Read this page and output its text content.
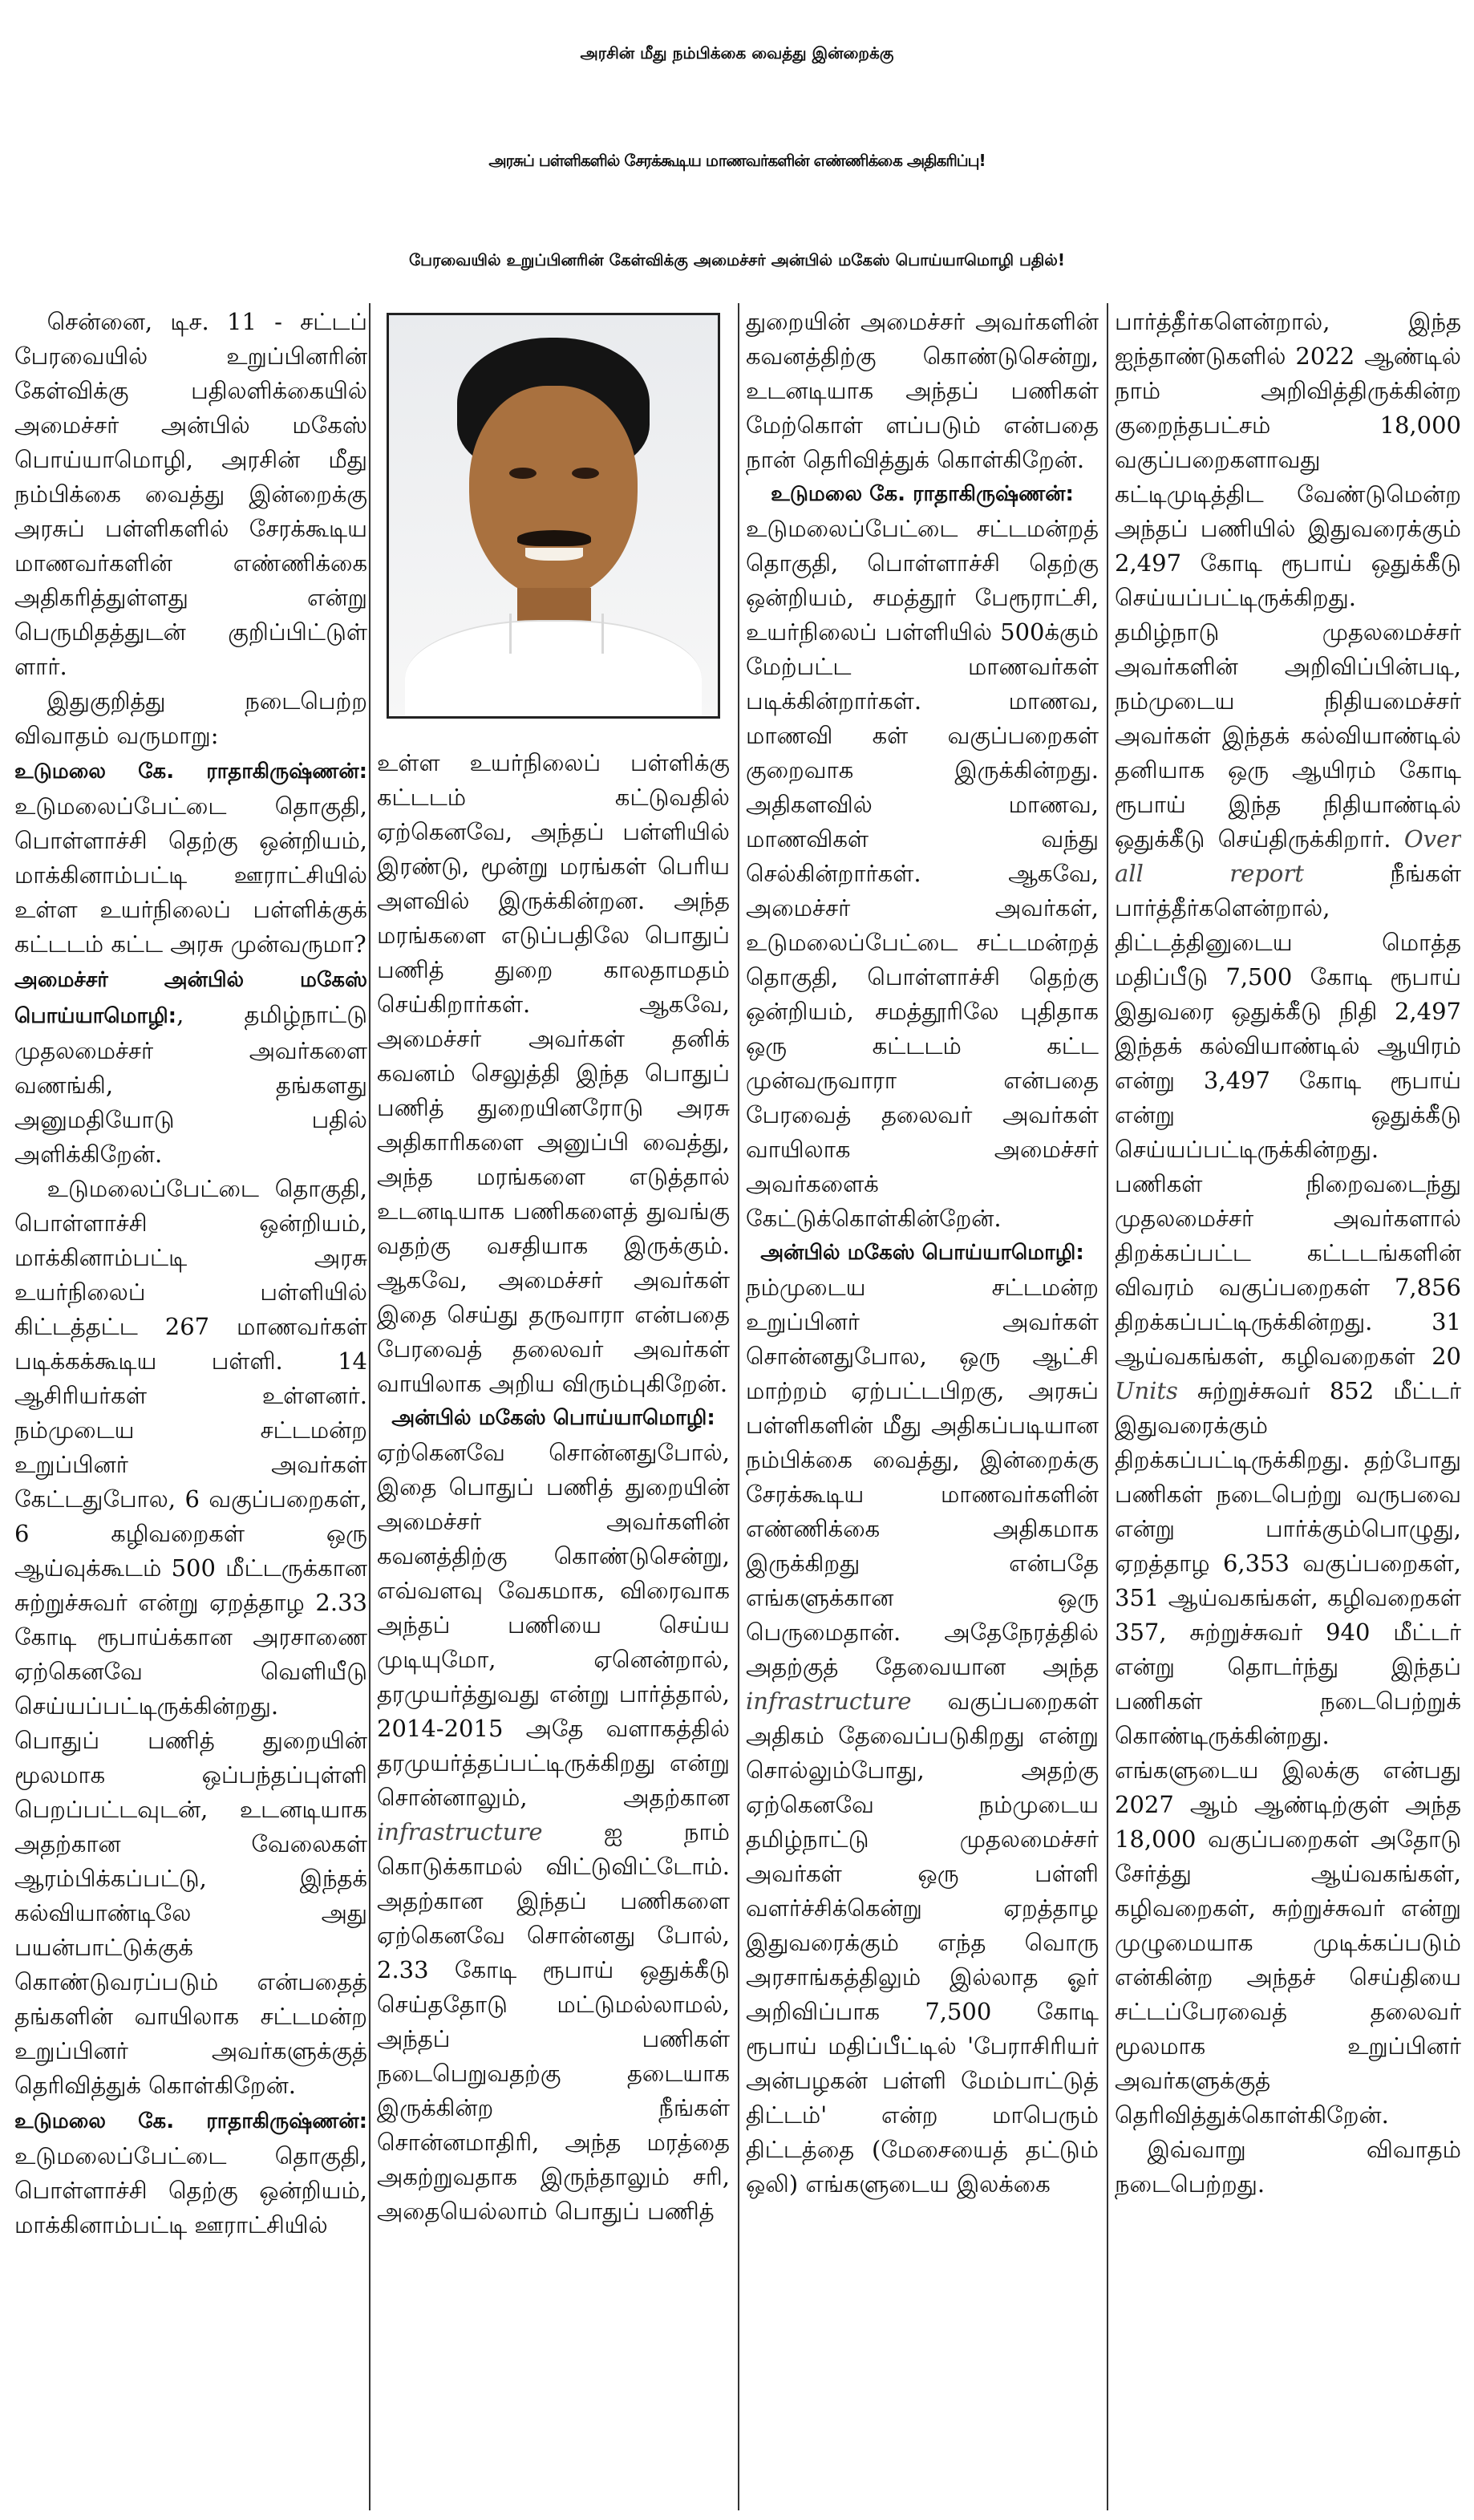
அரசின் மீது நம்பிக்கை வைத்து இன்றைக்கு
அரசுப் பள்ளிகளில் சேரக்கூடிய மாணவர்களின் எண்ணிக்கை அதிகரிப்பு!
பேரவையில் உறுப்பினரின் கேள்விக்கு அமைச்சர் அன்பில் மகேஸ் பொய்யாமொழி பதில்!

சென்னை, டிச. 11 - சட்டப் பேரவையில் உறுப்பினரின் கேள்விக்கு பதிலளிக்கையில் அமைச்சர் அன்பில் மகேஸ் பொய்யாமொழி, அரசின் மீது நம்பிக்கை வைத்து இன்றைக்கு அரசுப் பள்ளிகளில் சேரக்கூடிய மாணவர்களின் எண்ணிக்கை அதிகரித்துள்ளது என்று பெருமிதத்துடன் குறிப்பிட்டுள் ளார்.

இதுகுறித்து நடைபெற்ற விவாதம் வருமாறு:

உடுமலை கே. ராதாகிருஷ்ணன்: உடுமலைப்பேட்டை தொகுதி, பொள்ளாச்சி தெற்கு ஒன்றியம், மாக்கினாம்பட்டி ஊராட்சியில் உள்ள உயர்நிலைப் பள்ளிக்குக் கட்டடம் கட்ட அரசு முன்வருமா?

அமைச்சர் அன்பில் மகேஸ் பொய்யாமொழி:, தமிழ்நாட்டு முதலமைச்சர் அவர்களை வணங்கி, தங்களது அனுமதியோடு பதில் அளிக்கிறேன்.

உடுமலைப்பேட்டை தொகுதி, பொள்ளாச்சி ஒன்றியம், மாக்கினாம்பட்டி அரசு உயர்நிலைப் பள்ளியில் கிட்டத்தட்ட 267 மாணவர்கள் படிக்கக்கூடிய பள்ளி. 14 ஆசிரியர்கள் உள்ளனர். நம்முடைய சட்டமன்ற உறுப்பினர் அவர்கள் கேட்டதுபோல, 6 வகுப்பறைகள், 6 கழிவறைகள் ஒரு ஆய்வுக்கூடம் 500 மீட்டருக்கான சுற்றுச்சுவர் என்று ஏறத்தாழ 2.33 கோடி ரூபாய்க்கான அரசாணை ஏற்கெனவே வெளியீடு செய்யப்பட்டிருக்கின்றது. பொதுப் பணித் துறையின் மூலமாக ஒப்பந்தப்புள்ளி பெறப்பட்டவுடன், உடனடியாக அதற்கான வேலைகள் ஆரம்பிக்கப்பட்டு, இந்தக் கல்வியாண்டிலே அது பயன்பாட்டுக்குக் கொண்டுவரப்படும் என்பதைத் தங்களின் வாயிலாக சட்டமன்ற உறுப்பினர் அவர்களுக்குத் தெரிவித்துக் கொள்கிறேன்.

உடுமலை கே. ராதாகிருஷ்ணன்: உடுமலைப்பேட்டை தொகுதி, பொள்ளாச்சி தெற்கு ஒன்றியம், மாக்கினாம்பட்டி ஊராட்சியில்

உள்ள உயர்நிலைப் பள்ளிக்கு கட்டடம் கட்டுவதில் ஏற்கெனவே, அந்தப் பள்ளியில் இரண்டு, மூன்று மரங்கள் பெரிய அளவில் இருக்கின்றன. அந்த மரங்களை எடுப்பதிலே பொதுப் பணித் துறை காலதாமதம் செய்கிறார்கள். ஆகவே, அமைச்சர் அவர்கள் தனிக் கவனம் செலுத்தி இந்த பொதுப் பணித் துறையினரோடு அரசு அதிகாரிகளை அனுப்பி வைத்து, அந்த மரங்களை எடுத்தால் உடனடியாக பணிகளைத் துவங்கு வதற்கு வசதியாக இருக்கும். ஆகவே, அமைச்சர் அவர்கள் இதை செய்து தருவாரா என்பதை பேரவைத் தலைவர் அவர்கள் வாயிலாக அறிய விரும்புகிறேன்.

அன்பில் மகேஸ் பொய்யாமொழி:

ஏற்கெனவே சொன்னதுபோல், இதை பொதுப் பணித் துறையின் அமைச்சர் அவர்களின் கவனத்திற்கு கொண்டுசென்று, எவ்வளவு வேகமாக, விரைவாக அந்தப் பணியை செய்ய முடியுமோ, ஏனென்றால், தரமுயர்த்துவது என்று பார்த்தால், 2014-2015 அதே வளாகத்தில் தரமுயர்த்தப்பட்டிருக்கிறது என்று சொன்னாலும், அதற்கான infrastructure	ஐ நாம் கொடுக்காமல் விட்டுவிட்டோம். அதற்கான இந்தப் பணிகளை ஏற்கெனவே சொன்னது போல், 2.33 கோடி ரூபாய் ஒதுக்கீடு செய்ததோடு மட்டுமல்லாமல், அந்தப் பணிகள் நடைபெறுவதற்கு தடையாக இருக்கின்ற நீங்கள் சொன்னமாதிரி, அந்த மரத்தை அகற்றுவதாக இருந்தாலும் சரி, அதையெல்லாம் பொதுப் பணித்

துறையின் அமைச்சர் அவர்களின் கவனத்திற்கு கொண்டுசென்று, உடனடியாக அந்தப் பணிகள் மேற்கொள் ளப்படும் என்பதை நான் தெரிவித்துக் கொள்கிறேன்.

உடுமலை கே. ராதாகிருஷ்ணன்:

உடுமலைப்பேட்டை சட்டமன்றத் தொகுதி, பொள்ளாச்சி தெற்கு ஒன்றியம், சமத்தூர் பேரூராட்சி, உயர்நிலைப் பள்ளியில் 500க்கும் மேற்பட்ட மாணவர்கள் படிக்கின்றார்கள். மாணவ, மாணவி கள் வகுப்பறைகள் குறைவாக இருக்கின்றது. அதிகளவில் மாணவ, மாணவிகள் வந்து செல்கின்றார்கள். ஆகவே, அமைச்சர் அவர்கள், உடுமலைப்பேட்டை சட்டமன்றத் தொகுதி, பொள்ளாச்சி தெற்கு ஒன்றியம், சமத்தூரிலே புதிதாக ஒரு கட்டடம் கட்ட முன்வருவாரா என்பதை பேரவைத் தலைவர் அவர்கள் வாயிலாக அமைச்சர் அவர்களைக் கேட்டுக்கொள்கின்றேன்.

அன்பில் மகேஸ் பொய்யாமொழி:

நம்முடைய சட்டமன்ற உறுப்பினர் அவர்கள் சொன்னதுபோல, ஒரு ஆட்சி மாற்றம் ஏற்பட்டபிறகு, அரசுப் பள்ளிகளின் மீது அதிகப்படியான நம்பிக்கை வைத்து, இன்றைக்கு சேரக்கூடிய மாணவர்களின் எண்ணிக்கை அதிகமாக இருக்கிறது என்பதே எங்களுக்கான ஒரு பெருமைதான். அதேநேரத்தில் அதற்குத் தேவையான அந்த infrastructure வகுப்பறைகள் அதிகம் தேவைப்படுகிறது என்று சொல்லும்போது, அதற்கு ஏற்கெனவே நம்முடைய தமிழ்நாட்டு முதலமைச்சர் அவர்கள் ஒரு பள்ளி வளர்ச்சிக்கென்று ஏறத்தாழ இதுவரைக்கும் எந்த வொரு அரசாங்கத்திலும் இல்லாத ஓர் அறிவிப்பாக 7,500 கோடி ரூபாய் மதிப்பீட்டில் 'பேராசிரியர் அன்பழகன் பள்ளி மேம்பாட்டுத் திட்டம்' என்ற மாபெரும் திட்டத்தை (மேசையைத் தட்டும் ஒலி) எங்களுடைய இலக்கை

பார்த்தீர்களென்றால், இந்த ஐந்தாண்டுகளில் 2022 ஆண்டில் நாம் அறிவித்திருக்கின்ற குறைந்தபட்சம் 18,000 வகுப்பறைகளாவது கட்டிமுடித்திட வேண்டுமென்ற அந்தப் பணியில் இதுவரைக்கும் 2,497 கோடி ரூபாய் ஒதுக்கீடு செய்யப்பட்டிருக்கிறது. தமிழ்நாடு முதலமைச்சர் அவர்களின் அறிவிப்பின்படி, நம்முடைய நிதியமைச்சர் அவர்கள் இந்தக் கல்வியாண்டில் தனியாக ஒரு ஆயிரம் கோடி ரூபாய் இந்த நிதியாண்டில் ஒதுக்கீடு செய்திருக்கிறார். Over all report	நீங்கள் பார்த்தீர்களென்றால், திட்டத்தினுடைய மொத்த மதிப்பீடு 7,500 கோடி ரூபாய் இதுவரை ஒதுக்கீடு நிதி 2,497 இந்தக் கல்வியாண்டில் ஆயிரம் என்று 3,497 கோடி ரூபாய் என்று ஒதுக்கீடு செய்யப்பட்டிருக்கின்றது. பணிகள் நிறைவடைந்து முதலமைச்சர் அவர்களால் திறக்கப்பட்ட கட்டடங்களின் விவரம் வகுப்பறைகள் 7,856 திறக்கப்பட்டிருக்கின்றது. 31 ஆய்வகங்கள், கழிவறைகள் 20 Units சுற்றுச்சுவர் 852 மீட்டர் இதுவரைக்கும் திறக்கப்பட்டிருக்கிறது. தற்போது பணிகள் நடைபெற்று வருபவை என்று பார்க்கும்பொழுது, ஏறத்தாழ 6,353 வகுப்பறைகள், 351 ஆய்வகங்கள், கழிவறைகள் 357, சுற்றுச்சுவர் 940 மீட்டர் என்று தொடர்ந்து இந்தப் பணிகள் நடைபெற்றுக் கொண்டிருக்கின்றது. எங்களுடைய இலக்கு என்பது 2027 ஆம் ஆண்டிற்குள் அந்த 18,000 வகுப்பறைகள் அதோடு சேர்த்து ஆய்வகங்கள், கழிவறைகள், சுற்றுச்சுவர் என்று முழுமையாக முடிக்கப்படும் என்கின்ற அந்தச் செய்தியை சட்டப்பேரவைத் தலைவர் மூலமாக உறுப்பினர் அவர்களுக்குத் தெரிவித்துக்கொள்கிறேன்.

இவ்வாறு விவாதம் நடைபெற்றது.
